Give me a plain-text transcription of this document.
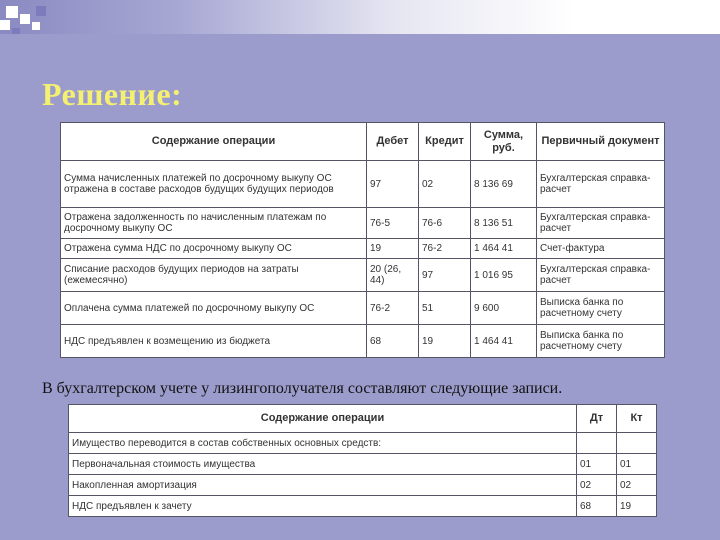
Решение:
Содержание операции	Дебет	Кредит	Сумма, руб.	Первичный документ
Сумма начисленных платежей по досрочному выкупу ОС отражена в составе расходов будущих будущих периодов	97	02	8 136 69	Бухгалтерская справка-расчет
Отражена задолженность по начисленным платежам по досрочному выкупу ОС	76-5	76-6	8 136 51	Бухгалтерская справка-расчет
Отражена сумма НДС по досрочному выкупу ОС	19	76-2	1 464 41	Счет-фактура
Списание расходов будущих периодов на затраты (ежемесячно)	20 (26, 44)	97	1 016 95	Бухгалтерская справка-расчет
Оплачена сумма платежей по досрочному выкупу ОС	76-2	51	9 600	Выписка банка по расчетному счету
НДС предъявлен к возмещению из бюджета	68	19	1 464 41	Выписка банка по расчетному счету
В бухгалтерском учете у лизингополучателя составляют следующие записи.
Содержание операции	Дт	Кт
Имущество переводится в состав собственных основных средств:		
Первоначальная стоимость имущества	01	01
Накопленная амортизация	02	02
НДС предъявлен к зачету	68	19
